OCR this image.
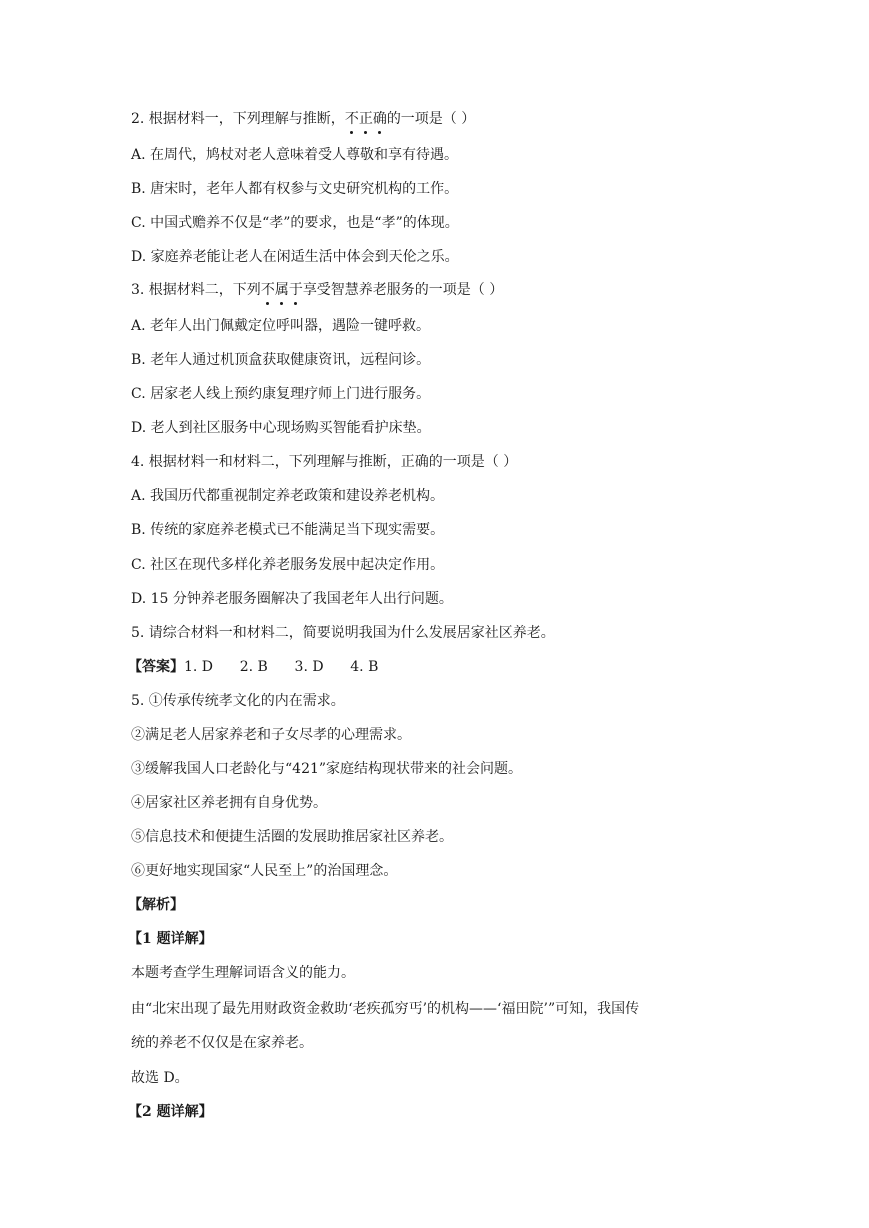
2. 根据材料一，下列理解与推断，不正确的一项是（ ）
A. 在周代，鸠杖对老人意味着受人尊敬和享有待遇。
B. 唐宋时，老年人都有权参与文史研究机构的工作。
C. 中国式赡养不仅是“孝”的要求，也是“孝”的体现。
D. 家庭养老能让老人在闲适生活中体会到天伦之乐。
3. 根据材料二，下列不属于享受智慧养老服务的一项是（ ）
A. 老年人出门佩戴定位呼叫器，遇险一键呼救。
B. 老年人通过机顶盒获取健康资讯，远程问诊。
C. 居家老人线上预约康复理疗师上门进行服务。
D. 老人到社区服务中心现场购买智能看护床垫。
4. 根据材料一和材料二，下列理解与推断，正确的一项是（ ）
A. 我国历代都重视制定养老政策和建设养老机构。
B. 传统的家庭养老模式已不能满足当下现实需要。
C. 社区在现代多样化养老服务发展中起决定作用。
D. 15 分钟养老服务圈解决了我国老年人出行问题。
5. 请综合材料一和材料二，简要说明我国为什么发展居家社区养老。
【答案】1. D      2. B      3. D      4. B
5. ①传承传统孝文化的内在需求。
②满足老人居家养老和子女尽孝的心理需求。
③缓解我国人口老龄化与“421”家庭结构现状带来的社会问题。
④居家社区养老拥有自身优势。
⑤信息技术和便捷生活圈的发展助推居家社区养老。
⑥更好地实现国家“人民至上”的治国理念。
【解析】
【1 题详解】
本题考查学生理解词语含义的能力。
由“北宋出现了最先用财政资金救助‘老疾孤穷丐’的机构——‘福田院’”可知，我国传
统的养老不仅仅是在家养老。
故选 D。
【2 题详解】
